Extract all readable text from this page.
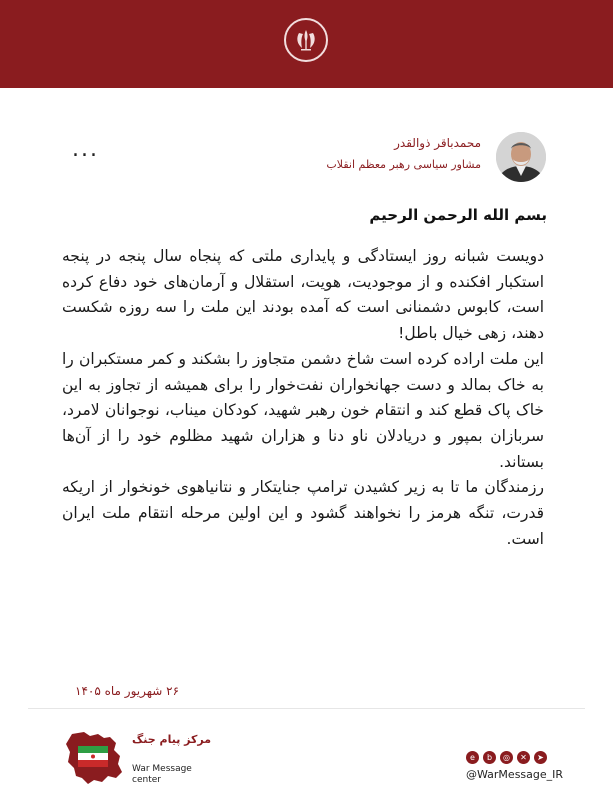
...	محمدباقر ذوالقدر
مشاور سیاسی رهبر معظم انقلاب
بسم الله الرحمن الرحیم

دویست شبانه روز ایستادگی و پایداری ملتی که پنجاه سال پنجه در پنجه استکبار افکنده و از موجودیت، هویت، استقلال و آرمان‌های خود دفاع کرده است، کابوس دشمنانی است که آمده بودند این ملت را سه روزه شکست دهند، زهی خیال باطل!

این ملت اراده کرده است شاخ دشمن متجاوز را بشکند و کمر مستکبران را به خاک بمالد و دست جهانخواران نفت‌خوار را برای همیشه از تجاوز به این خاک پاک قطع کند و انتقام خون رهبر شهید، کودکان میناب، نوجوانان لامرد، سربازان بمپور و دریادلان ناو دنا و هزاران شهید مظلوم خود را از آن‌ها بستاند.

رزمندگان ما تا به زیر کشیدن ترامپ جنایتکار و نتانیاهوی خونخوار از اریکه قدرت، تنگه هرمز را نخواهند گشود و این اولین مرحله انتقام ملت ایران است.

۲۶ شهریور ماه ۱۴۰۵
مرکز پیام جنگ
War Message
center
e	b	◎	✕	➤
@WarMessage_IR
